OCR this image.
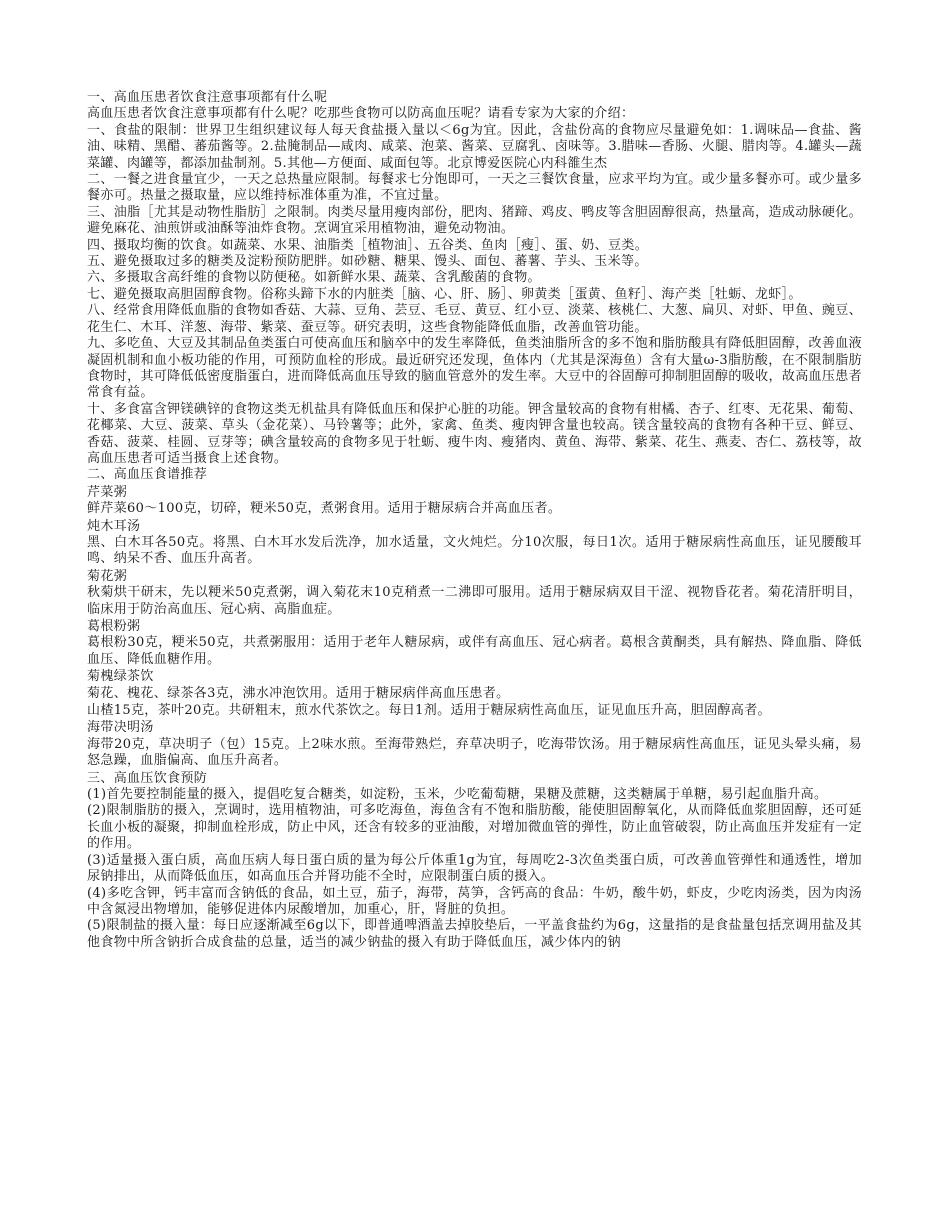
一、高血压患者饮食注意事项都有什么呢

高血压患者饮食注意事项都有什么呢？吃那些食物可以防高血压呢？请看专家为大家的介绍：

一、食盐的限制：世界卫生组织建议每人每天食盐摄入量以＜6g为宜。因此，含盐份高的食物应尽量避免如：1.调味品—食盐、酱油、味精、黑醋、蕃茄酱等。2.盐腌制品—咸肉、咸菜、泡菜、酱菜、豆腐乳、卤味等。3.腊味—香肠、火腿、腊肉等。4.罐头—蔬菜罐、肉罐等，都添加盐制剂。5.其他—方便面、咸面包等。北京博爱医院心内科雒生杰

二、一餐之进食量宜少，一天之总热量应限制。每餐求七分饱即可，一天之三餐饮食量，应求平均为宜。或少量多餐亦可。或少量多餐亦可。热量之摄取量，应以维持标准体重为准，不宜过量。

三、油脂［尤其是动物性脂肪］之限制。肉类尽量用瘦肉部份，肥肉、猪蹄、鸡皮、鸭皮等含胆固醇很高，热量高，造成动脉硬化。避免麻花、油煎饼或油酥等油炸食物。烹调宜采用植物油，避免动物油。

四、摄取均衡的饮食。如蔬菜、水果、油脂类［植物油］、五谷类、鱼肉［瘦］、蛋、奶、豆类。

五、避免摄取过多的糖类及淀粉预防肥胖。如砂糖、糖果、馒头、面包、蕃薯、芋头、玉米等。

六、多摄取含高纤维的食物以防便秘。如新鲜水果、蔬菜、含乳酸菌的食物。

七、避免摄取高胆固醇食物。俗称头蹄下水的内脏类［脑、心、肝、肠］、卵黄类［蛋黄、鱼籽］、海产类［牡蛎、龙虾］。

八、经常食用降低血脂的食物如香菇、大蒜、豆角、芸豆、毛豆、黄豆、红小豆、淡菜、核桃仁、大葱、扁贝、对虾、甲鱼、豌豆、花生仁、木耳、洋葱、海带、紫菜、蚕豆等。研究表明，这些食物能降低血脂，改善血管功能。

九、多吃鱼、大豆及其制品鱼类蛋白可使高血压和脑卒中的发生率降低，鱼类油脂所含的多不饱和脂肪酸具有降低胆固醇，改善血液凝固机制和血小板功能的作用，可预防血栓的形成。最近研究还发现，鱼体内（尤其是深海鱼）含有大量ω-3脂肪酸，在不限制脂肪食物时，其可降低低密度脂蛋白，进而降低高血压导致的脑血管意外的发生率。大豆中的谷固醇可抑制胆固醇的吸收，故高血压患者常食有益。

十、多食富含钾镁碘锌的食物这类无机盐具有降低血压和保护心脏的功能。钾含量较高的食物有柑橘、杏子、红枣、无花果、葡萄、花椰菜、大豆、菠菜、草头（金花菜）、马铃薯等；此外，家禽、鱼类、瘦肉钾含量也较高。镁含量较高的食物有各种干豆、鲜豆、香菇、菠菜、桂圆、豆芽等；碘含量较高的食物多见于牡蛎、瘦牛肉、瘦猪肉、黄鱼、海带、紫菜、花生、燕麦、杏仁、荔枝等，故高血压患者可适当摄食上述食物。

二、高血压食谱推荐

芹菜粥

鲜芹菜60～100克，切碎，粳米50克，煮粥食用。适用于糖尿病合并高血压者。

炖木耳汤

黑、白木耳各50克。将黑、白木耳水发后洗净，加水适量，文火炖烂。分10次服，每日1次。适用于糖尿病性高血压，证见腰酸耳鸣、纳呆不香、血压升高者。

菊花粥

秋菊烘干研末，先以粳米50克煮粥，调入菊花末10克稍煮一二沸即可服用。适用于糖尿病双目干涩、视物昏花者。菊花清肝明目，临床用于防治高血压、冠心病、高脂血症。

葛根粉粥

葛根粉30克，粳米50克，共煮粥服用：适用于老年人糖尿病，或伴有高血压、冠心病者。葛根含黄酮类，具有解热、降血脂、降低血压、降低血糖作用。

菊槐绿茶饮

菊花、槐花、绿茶各3克，沸水冲泡饮用。适用于糖尿病伴高血压患者。

山楂15克，茶叶20克。共研粗末，煎水代茶饮之。每日1剂。适用于糖尿病性高血压，证见血压升高，胆固醇高者。

海带决明汤

海带20克，草决明子（包）15克。上2味水煎。至海带熟烂，弃草决明子，吃海带饮汤。用于糖尿病性高血压，证见头晕头痛，易怒急躁，血脂偏高、血压升高者。

三、高血压饮食预防

(1)首先要控制能量的摄入，提倡吃复合糖类，如淀粉，玉米，少吃葡萄糖，果糖及蔗糖，这类糖属于单糖，易引起血脂升高。

(2)限制脂肪的摄入，烹调时，选用植物油，可多吃海鱼，海鱼含有不饱和脂肪酸，能使胆固醇氧化，从而降低血浆胆固醇，还可延长血小板的凝聚，抑制血栓形成，防止中风，还含有较多的亚油酸，对增加微血管的弹性，防止血管破裂，防止高血压并发症有一定的作用。

(3)适量摄入蛋白质，高血压病人每日蛋白质的量为每公斤体重1g为宜，每周吃2-3次鱼类蛋白质，可改善血管弹性和通透性，增加尿钠排出，从而降低血压，如高血压合并肾功能不全时，应限制蛋白质的摄入。

(4)多吃含钾，钙丰富而含钠低的食品，如土豆，茄子，海带，莴笋，含钙高的食品：牛奶，酸牛奶，虾皮，少吃肉汤类，因为肉汤中含氮浸出物增加，能够促进体内尿酸增加，加重心，肝，肾脏的负担。

(5)限制盐的摄入量：每日应逐渐减至6g以下，即普通啤酒盖去掉胶垫后，一平盖食盐约为6g，这量指的是食盐量包括烹调用盐及其他食物中所含钠折合成食盐的总量，适当的减少钠盐的摄入有助于降低血压，减少体内的钠
